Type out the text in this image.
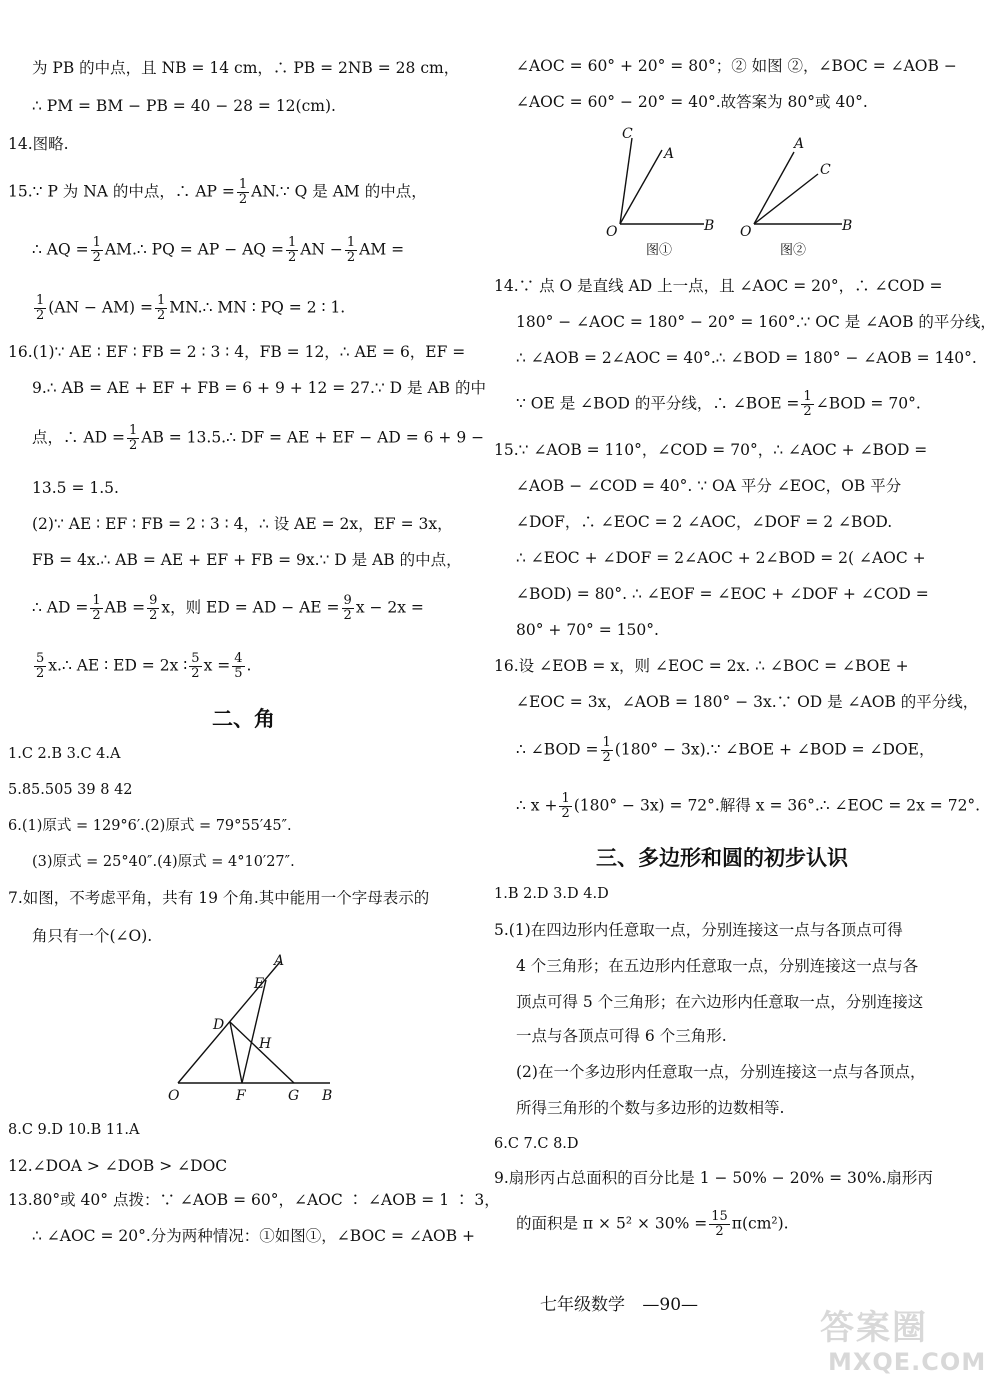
为 PB 的中点，且 NB = 14 cm，∴ PB = 2NB = 28 cm，
∴ PM = BM − PB = 40 − 28 = 12(cm).
14.图略.
15.∵ P 为 NA 的中点，∴ AP = $\frac{1}{2}$ AN.∵ Q 是 AM 的中点，
∴ AQ = $\frac{1}{2}$ AM.∴ PQ = AP − AQ = $\frac{1}{2}$ AN − $\frac{1}{2}$ AM =
$\frac{1}{2} (AN - AM) = \frac{1}{2}$ MN.∴ MN ∶ PQ = 2 ∶ 1.
16.(1)∵ AE ∶ EF ∶ FB = 2 ∶ 3 ∶ 4，FB = 12，∴ AE = 6，EF =
9.∴ AB = AE + EF + FB = 6 + 9 + 12 = 27.∵ D 是 AB 的中
点，∴ AD = $\frac{1}{2}$ AB = 13.5.∴ DF = AE + EF − AD = 6 + 9 −
13.5 = 1.5.
(2)∵ AE ∶ EF ∶ FB = 2 ∶ 3 ∶ 4，∴ 设 AE = 2x，EF = 3x，
FB = 4x.∴ AB = AE + EF + FB = 9x.∵ D 是 AB 的中点，
∴ AD = $\frac{1}{2}$ AB = $\frac{9}{2}$ x，则 ED = AD − AE = $\frac{9}{2}$ x − 2x =
$\frac{5}{2}$ x.∴ AE ∶ ED = 2x ∶ $\frac{5}{2}$ $x = \frac{4}{5}$ .
二、角
1.C 2.B 3.C 4.A
5.85.505 39 8 42
6.(1)原式 = 129°6′.(2)原式 = 79°55′45″.
(3)原式 = 25°40″.(4)原式 = 4°10′27″.
7.如图，不考虑平角，共有 19 个角.其中能用一个字母表示的
角只有一个(∠O).
A
E
D
H
O	F	G B
8.C 9.D 10.B 11.A
12.∠DOA > ∠DOB > ∠DOC
13.80°或 40° 点拨：∵ ∠AOB = 60°，∠AOC ∶ ∠AOB = 1 ∶ 3，
∴ ∠AOC = 20°.分为两种情况：①如图①，∠BOC = ∠AOB +
∠AOC = 60° + 20° = 80°；② 如图 ②，∠BOC = ∠AOB −
∠AOC = 60° − 20° = 40°.故答案为 80°或 40°.
C
A
O	B
图①
A
C
O	B
图②
14.∵ 点 O 是直线 AD 上一点，且 ∠AOC = 20°，∴ ∠COD =
180° − ∠AOC = 180° − 20° = 160°.∵ OC 是 ∠AOB 的平分线，
∴ ∠AOB = 2∠AOC = 40°.∴ ∠BOD = 180° − ∠AOB = 140°.
∵ OE 是 ∠BOD 的平分线，∴ ∠BOE = $\frac{1}{2}$ ∠BOD = 70°.
15.∵ ∠AOB = 110°，∠COD = 70°，∴ ∠AOC + ∠BOD =
∠AOB − ∠COD = 40°. ∵ OA 平分 ∠EOC，OB 平分
∠DOF，∴ ∠EOC = 2 ∠AOC，∠DOF = 2 ∠BOD.
∴ ∠EOC + ∠DOF = 2∠AOC + 2∠BOD = 2( ∠AOC +
∠BOD) = 80°. ∴ ∠EOF = ∠EOC + ∠DOF + ∠COD =
80° + 70° = 150°.
16.设 ∠EOB = x，则 ∠EOC = 2x. ∴ ∠BOC = ∠BOE +
∠EOC = 3x，∠AOB = 180° − 3x.∵ OD 是 ∠AOB 的平分线，
∴ ∠BOD = $\frac{1}{2} (180^\circ$ − 3x).∵ ∠BOE + ∠BOD = ∠DOE，
∴ $x + \frac{1}{2} (180^\circ - 3x) = 72^\circ$.解得 x = 36°.∴ ∠EOC = 2x = 72°.
三、多边形和圆的初步认识
1.B 2.D 3.D 4.D
5.(1)在四边形内任意取一点，分别连接这一点与各顶点可得
4 个三角形；在五边形内任意取一点，分别连接这一点与各
顶点可得 5 个三角形；在六边形内任意取一点，分别连接这
一点与各顶点可得 6 个三角形.
(2)在一个多边形内任意取一点，分别连接这一点与各顶点，
所得三角形的个数与多边形的边数相等.
6.C 7.C 8.D
9.扇形丙占总面积的百分比是 1 − 50% − 20% = 30%.扇形丙
的面积是 $\pi \times 5^2 \times 30\% = \frac{15}{2} \pi(cm^2)$.
七年级数学 —90—
答案圈
MXQE.COM
